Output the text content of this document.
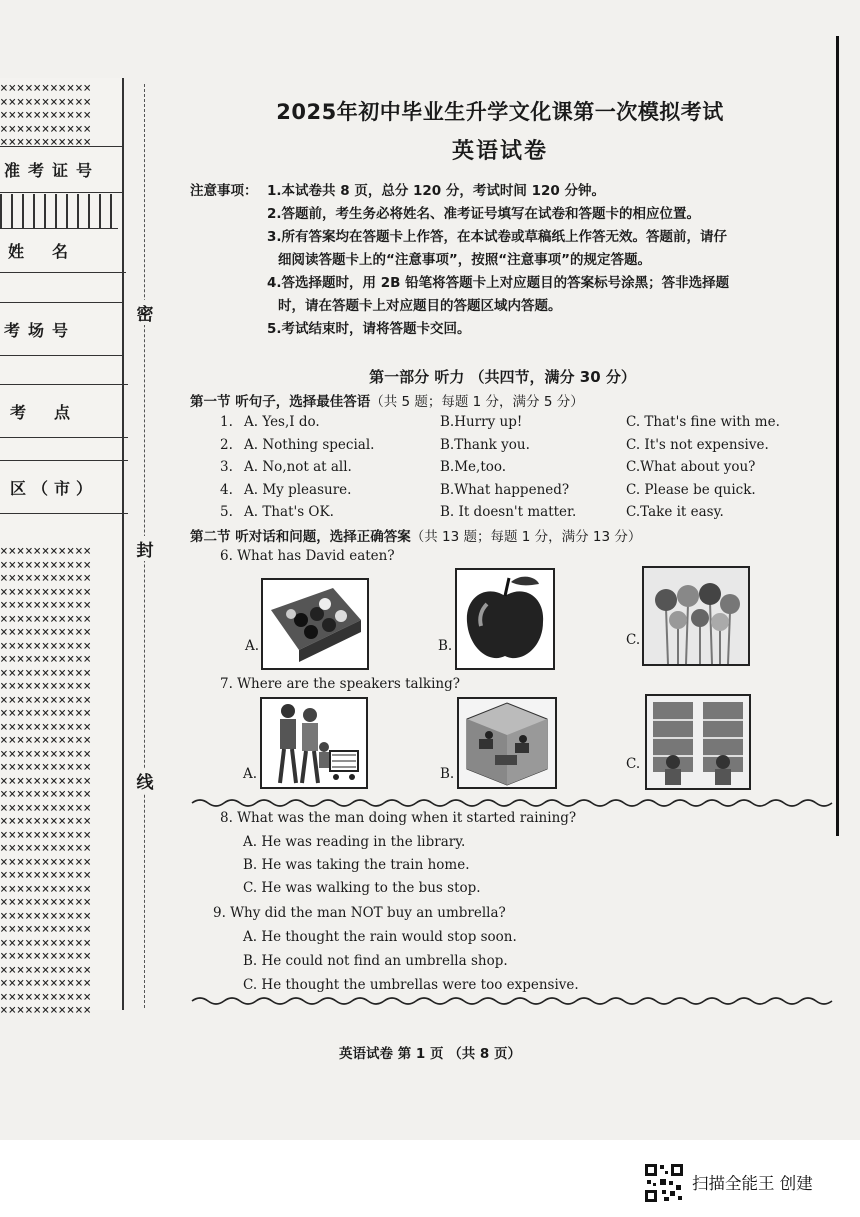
×××××××××××
×××××××××××
×××××××××××
×××××××××××
×××××××××××
×××××××××××
×××××××××××
×××××××××××
×××××××××××
×××××××××××
×××××××××××
×××××××××××
×××××××××××
×××××××××××
×××××××××××
×××××××××××
×××××××××××
×××××××××××
×××××××××××
×××××××××××
×××××××××××
×××××××××××
×××××××××××
×××××××××××
×××××××××××
×××××××××××
×××××××××××
×××××××××××
×××××××××××
×××××××××××
×××××××××××
×××××××××××
×××××××××××
×××××××××××
×××××××××××
×××××××××××
×××××××××××
×××××××××××
×××××××××××
×××××××××××
准考证号
姓名
考场号
考点
区（市）
密
封
线
2025年初中毕业生升学文化课第一次模拟考试
英语试卷
注意事项： 1.本试卷共 8 页，总分 120 分，考试时间 120 分钟。
2.答题前，考生务必将姓名、准考证号填写在试卷和答题卡的相应位置。
3.所有答案均在答题卡上作答，在本试卷或草稿纸上作答无效。答题前，请仔
细阅读答题卡上的“注意事项”，按照“注意事项”的规定答题。
4.答选择题时，用 2B 铅笔将答题卡上对应题目的答案标号涂黑；答非选择题
时，请在答题卡上对应题目的答题区域内答题。
5.考试结束时，请将答题卡交回。
第一部分 听力 （共四节，满分 30 分）
第一节 听句子，选择最佳答语（共 5 题；每题 1 分，满分 5 分）
1. A. Yes,I do.	B.Hurry up!	C. That's fine with me.
2. A. Nothing special.	B.Thank you.	C. It's not expensive.
3. A. No,not at all.	B.Me,too.	C.What about you?
4. A. My pleasure.	B.What happened?	C. Please be quick.
5. A. That's OK.	B. It doesn't matter.	C.Take it easy.
第二节 听对话和问题，选择正确答案（共 13 题；每题 1 分，满分 13 分）
6. What has David eaten?
A.	B.	C.
7. Where are the speakers talking?
A.	B.
C.
8. What was the man doing when it started raining?
A. He was reading in the library.
B. He was taking the train home.
C. He was walking to the bus stop.
9. Why did the man NOT buy an umbrella?
A. He thought the rain would stop soon.
B. He could not find an umbrella shop.
C. He thought the umbrellas were too expensive.
英语试卷 第 1 页 （共 8 页）
扫描全能王 创建
